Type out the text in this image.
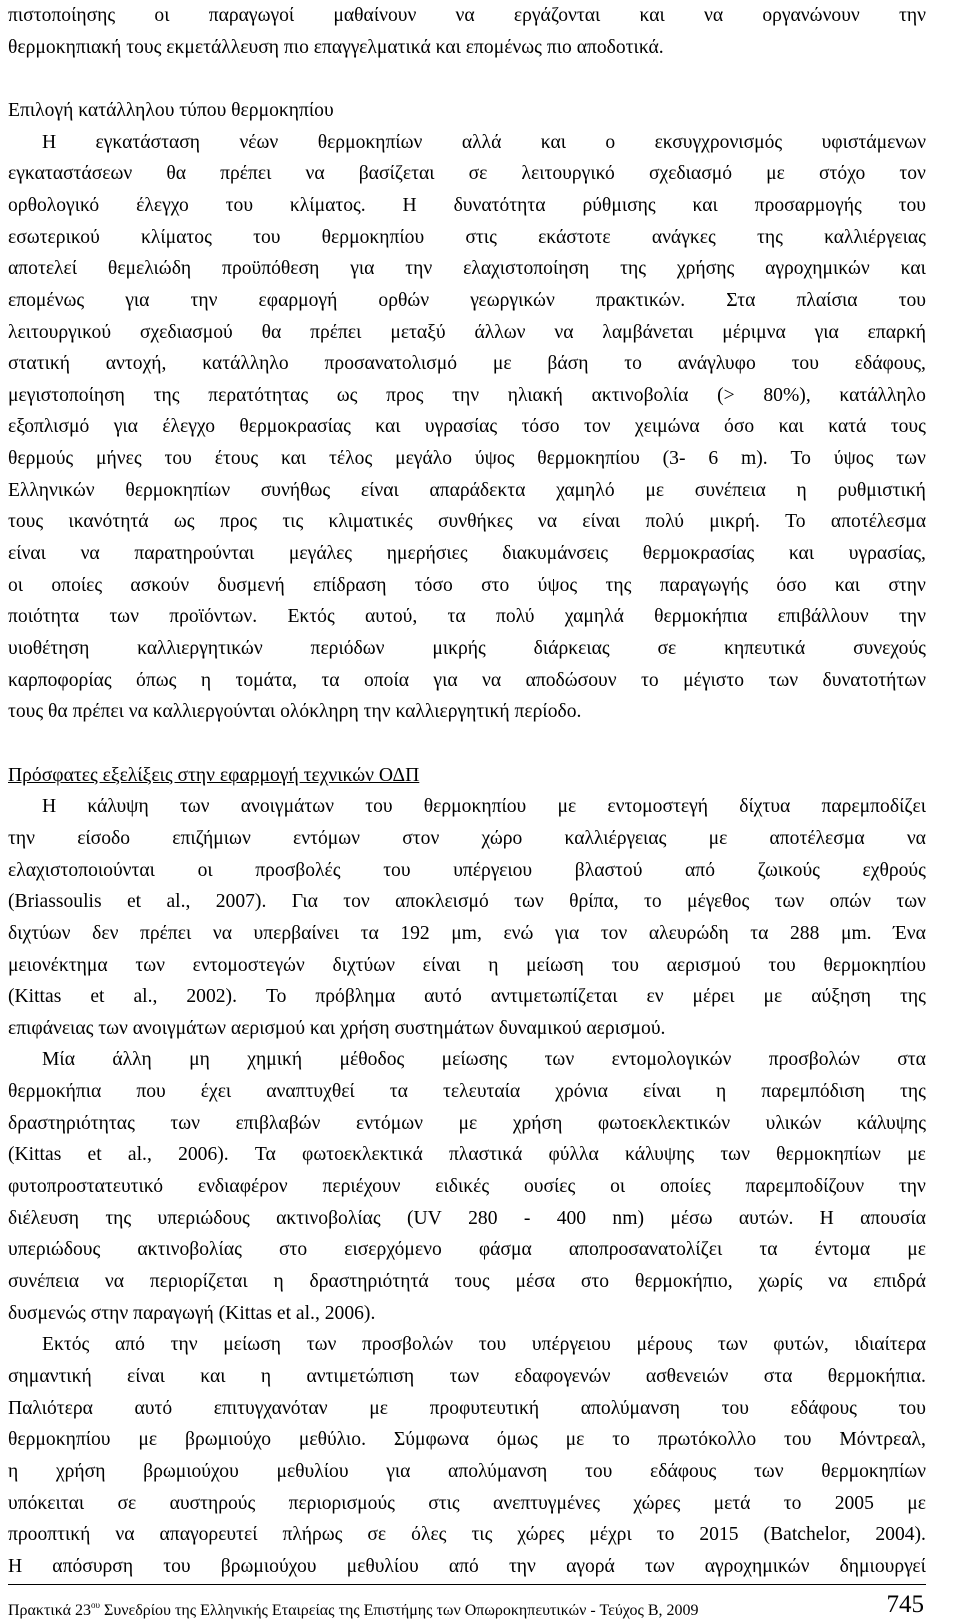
πιστοποίησης οι παραγωγοί μαθαίνουν να εργάζονται και να οργανώνουν την
θερμοκηπιακή τους εκμετάλλευση πιο επαγγελματικά και επομένως πιο αποδοτικά.
Επιλογή κατάλληλου τύπου θερμοκηπίου
Η εγκατάσταση νέων θερμοκηπίων αλλά και ο εκσυγχρονισμός υφιστάμενων
εγκαταστάσεων θα πρέπει να βασίζεται σε λειτουργικό σχεδιασμό με στόχο τον
ορθολογικό έλεγχο του κλίματος. Η δυνατότητα ρύθμισης και προσαρμογής του
εσωτερικού κλίματος του θερμοκηπίου στις εκάστοτε ανάγκες της καλλιέργειας
αποτελεί θεμελιώδη προϋπόθεση για την ελαχιστοποίηση της χρήσης αγροχημικών και
επομένως για την εφαρμογή ορθών γεωργικών πρακτικών. Στα πλαίσια του
λειτουργικού σχεδιασμού θα πρέπει μεταξύ άλλων να λαμβάνεται μέριμνα για επαρκή
στατική αντοχή, κατάλληλο προσανατολισμό με βάση το ανάγλυφο του εδάφους,
μεγιστοποίηση της περατότητας ως προς την ηλιακή ακτινοβολία (> 80%), κατάλληλο
εξοπλισμό για έλεγχο θερμοκρασίας και υγρασίας τόσο τον χειμώνα όσο και κατά τους
θερμούς μήνες του έτους και τέλος μεγάλο ύψος θερμοκηπίου (3- 6 m). Το ύψος των
Ελληνικών θερμοκηπίων συνήθως είναι απαράδεκτα χαμηλό με συνέπεια η ρυθμιστική
τους ικανότητά ως προς τις κλιματικές συνθήκες να είναι πολύ μικρή. Το αποτέλεσμα
είναι να παρατηρούνται μεγάλες ημερήσιες διακυμάνσεις θερμοκρασίας και υγρασίας,
οι οποίες ασκούν δυσμενή επίδραση τόσο στο ύψος της παραγωγής όσο και στην
ποιότητα των προϊόντων. Εκτός αυτού, τα πολύ χαμηλά θερμοκήπια επιβάλλουν την
υιοθέτηση καλλιεργητικών περιόδων μικρής διάρκειας σε κηπευτικά συνεχούς
καρποφορίας όπως η τομάτα, τα οποία για να αποδώσουν το μέγιστο των δυνατοτήτων
τους θα πρέπει να καλλιεργούνται ολόκληρη την καλλιεργητική περίοδο.
Πρόσφατες εξελίξεις στην εφαρμογή τεχνικών ΟΔΠ
Η κάλυψη των ανοιγμάτων του θερμοκηπίου με εντομοστεγή δίχτυα παρεμποδίζει
την είσοδο επιζήμιων εντόμων στον χώρο καλλιέργειας με αποτέλεσμα να
ελαχιστοποιούνται οι προσβολές του υπέργειου βλαστού από ζωικούς εχθρούς
(Briassoulis et al., 2007). Για τον αποκλεισμό των θρίπα, το μέγεθος των οπών των
διχτύων δεν πρέπει να υπερβαίνει τα 192 μm, ενώ για τον αλευρώδη τα 288 μm. Ένα
μειονέκτημα των εντομοστεγών διχτύων είναι η μείωση του αερισμού του θερμοκηπίου
(Kittas et al., 2002). Το πρόβλημα αυτό αντιμετωπίζεται εν μέρει με αύξηση της
επιφάνειας των ανοιγμάτων αερισμού και χρήση συστημάτων δυναμικού αερισμού.
Μία άλλη μη χημική μέθοδος μείωσης των εντομολογικών προσβολών στα
θερμοκήπια που έχει αναπτυχθεί τα τελευταία χρόνια είναι η παρεμπόδιση της
δραστηριότητας των επιβλαβών εντόμων με χρήση φωτοεκλεκτικών υλικών κάλυψης
(Kittas et al., 2006). Τα φωτοεκλεκτικά πλαστικά φύλλα κάλυψης των θερμοκηπίων με
φυτοπροστατευτικό ενδιαφέρον περιέχουν ειδικές ουσίες οι οποίες παρεμποδίζουν την
διέλευση της υπεριώδους ακτινοβολίας (UV 280 - 400 nm) μέσω αυτών. Η απουσία
υπεριώδους ακτινοβολίας στο εισερχόμενο φάσμα αποπροσανατολίζει τα έντομα με
συνέπεια να περιορίζεται η δραστηριότητά τους μέσα στο θερμοκήπιο, χωρίς να επιδρά
δυσμενώς στην παραγωγή (Kittas et al., 2006).
Εκτός από την μείωση των προσβολών του υπέργειου μέρους των φυτών, ιδιαίτερα
σημαντική είναι και η αντιμετώπιση των εδαφογενών ασθενειών στα θερμοκήπια.
Παλιότερα αυτό επιτυγχανόταν με προφυτευτική απολύμανση του εδάφους του
θερμοκηπίου με βρωμιούχο μεθύλιο. Σύμφωνα όμως με το πρωτόκολλο του Μόντρεαλ,
η χρήση βρωμιούχου μεθυλίου για απολύμανση του εδάφους των θερμοκηπίων
υπόκειται σε αυστηρούς περιορισμούς στις ανεπτυγμένες χώρες μετά το 2005 με
προοπτική να απαγορευτεί πλήρως σε όλες τις χώρες μέχρι το 2015 (Batchelor, 2004).
Η απόσυρση του βρωμιούχου μεθυλίου από την αγορά των αγροχημικών δημιουργεί
Πρακτικά $23^{o\upsilon}$ Συνεδρίου της Ελληνικής Εταιρείας της Επιστήμης των Οπωροκηπευτικών - Τεύχος Β, 2009	745
